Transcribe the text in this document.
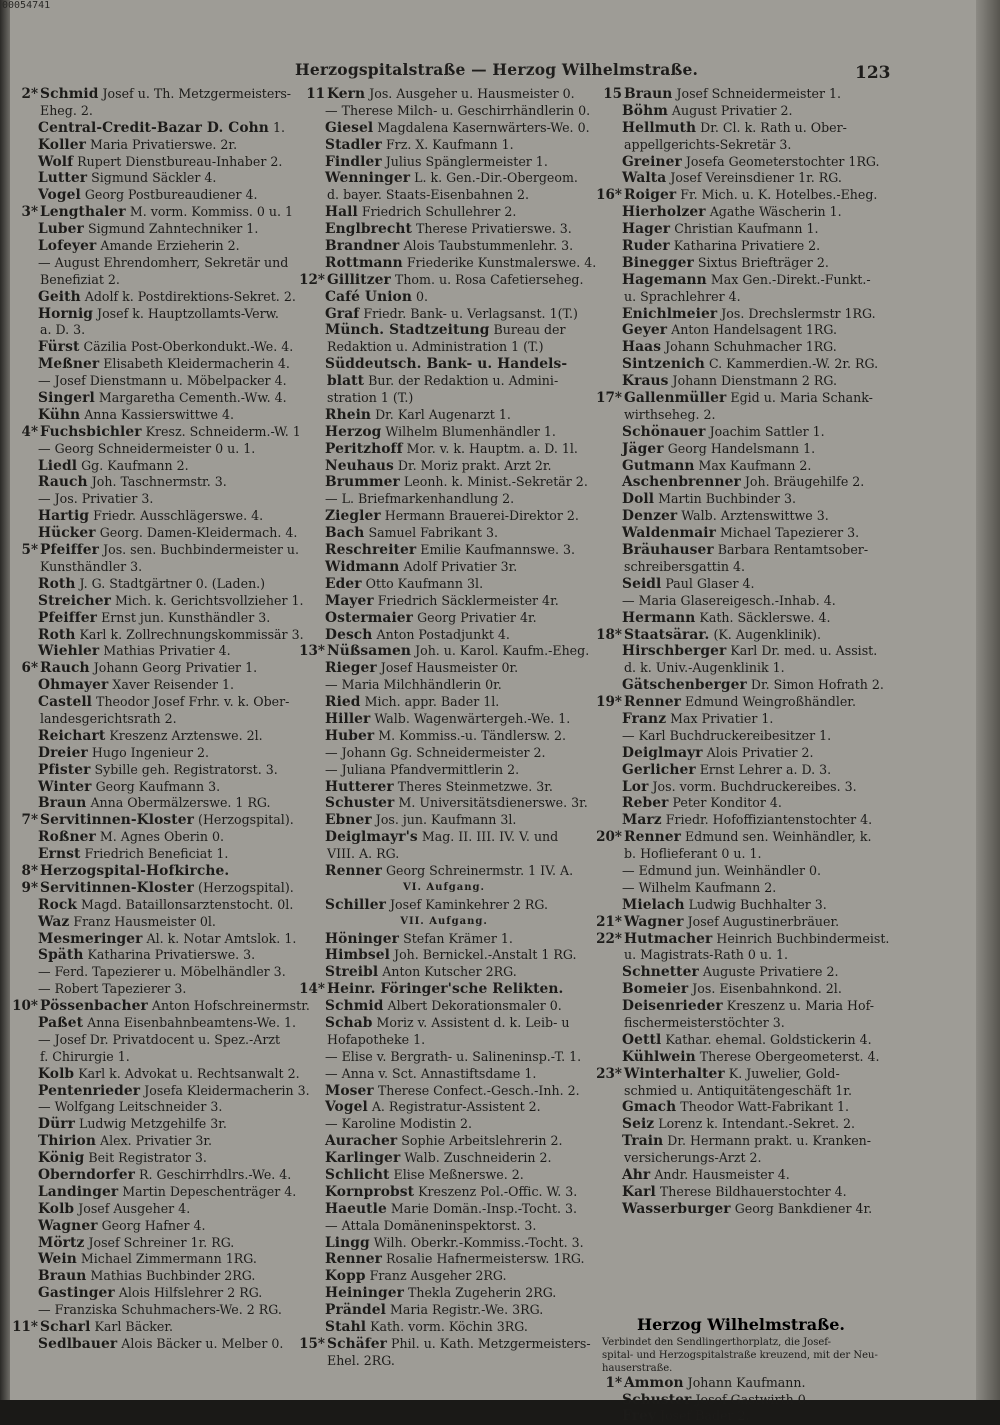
00054741
Herzogspitalstraße — Herzog Wilhelmstraße.	123
2* Schmid Josef u. Th. Metzgermeisters-
Eheg. 2.
Central-Credit-Bazar D. Cohn 1.
Koller Maria Privatierswe. 2r.
Wolf Rupert Dienstbureau-Inhaber 2.
Lutter Sigmund Säckler 4.
Vogel Georg Postbureaudiener 4.
3* Lengthaler M. vorm. Kommiss. 0 u. 1
Luber Sigmund Zahntechniker 1.
Lofeyer Amande Erzieherin 2.
— August Ehrendomherr, Sekretär und
Benefiziat 2.
Geith Adolf k. Postdirektions-Sekret. 2.
Hornig Josef k. Hauptzollamts-Verw.
a. D. 3.
Fürst Cäzilia Post-Oberkondukt.-We. 4.
Meßner Elisabeth Kleidermacherin 4.
— Josef Dienstmann u. Möbelpacker 4.
Singerl Margaretha Cementh.-Ww. 4.
Kühn Anna Kassierswittwe 4.
4* Fuchsbichler Kresz. Schneiderm.-W. 1
— Georg Schneidermeister 0 u. 1.
Liedl Gg. Kaufmann 2.
Rauch Joh. Taschnermstr. 3.
— Jos. Privatier 3.
Hartig Friedr. Ausschlägerswe. 4.
Hücker Georg. Damen-Kleidermach. 4.
5* Pfeiffer Jos. sen. Buchbindermeister u.
Kunsthändler 3.
Roth J. G. Stadtgärtner 0. (Laden.)
Streicher Mich. k. Gerichtsvollzieher 1.
Pfeiffer Ernst jun. Kunsthändler 3.
Roth Karl k. Zollrechnungskommissär 3.
Wiehler Mathias Privatier 4.
6* Rauch Johann Georg Privatier 1.
Ohmayer Xaver Reisender 1.
Castell Theodor Josef Frhr. v. k. Ober-
landesgerichtsrath 2.
Reichart Kreszenz Arztenswe. 2l.
Dreier Hugo Ingenieur 2.
Pfister Sybille geh. Registratorst. 3.
Winter Georg Kaufmann 3.
Braun Anna Obermälzerswe. 1 RG.
7* Servitinnen-Kloster (Herzogspital).
Roßner M. Agnes Oberin 0.
Ernst Friedrich Beneficiat 1.
8* Herzogspital-Hofkirche.
9* Servitinnen-Kloster (Herzogspital).
Rock Magd. Bataillonsarztenstocht. 0l.
Waz Franz Hausmeister 0l.
Mesmeringer Al. k. Notar Amtslok. 1.
Späth Katharina Privatierswe. 3.
— Ferd. Tapezierer u. Möbelhändler 3.
— Robert Tapezierer 3.
10* Pössenbacher Anton Hofschreinermstr.
Paßet Anna Eisenbahnbeamtens-We. 1.
— Josef Dr. Privatdocent u. Spez.-Arzt
f. Chirurgie 1.
Kolb Karl k. Advokat u. Rechtsanwalt 2.
Pentenrieder Josefa Kleidermacherin 3.
— Wolfgang Leitschneider 3.
Dürr Ludwig Metzgehilfe 3r.
Thirion Alex. Privatier 3r.
König Beit Registrator 3.
Oberndorfer R. Geschirrhdlrs.-We. 4.
Landinger Martin Depeschenträger 4.
Kolb Josef Ausgeher 4.
Wagner Georg Hafner 4.
Mörtz Josef Schreiner 1r. RG.
Wein Michael Zimmermann 1RG.
Braun Mathias Buchbinder 2RG.
Gastinger Alois Hilfslehrer 2 RG.
— Franziska Schuhmachers-We. 2 RG.
11* Scharl Karl Bäcker.
Sedlbauer Alois Bäcker u. Melber 0.
11 Kern Jos. Ausgeher u. Hausmeister 0.
— Therese Milch- u. Geschirrhändlerin 0.
Giesel Magdalena Kasernwärters-We. 0.
Stadler Frz. X. Kaufmann 1.
Findler Julius Spänglermeister 1.
Wenninger L. k. Gen.-Dir.-Obergeom.
d. bayer. Staats-Eisenbahnen 2.
Hall Friedrich Schullehrer 2.
Englbrecht Therese Privatierswe. 3.
Brandner Alois Taubstummenlehr. 3.
Rottmann Friederike Kunstmalerswe. 4.
12* Gillitzer Thom. u. Rosa Cafetierseheg.
Café Union 0.
Graf Friedr. Bank- u. Verlagsanst. 1(T.)
Münch. Stadtzeitung Bureau der
Redaktion u. Administration 1 (T.)
Süddeutsch. Bank- u. Handels-
blatt Bur. der Redaktion u. Admini-
stration 1 (T.)
Rhein Dr. Karl Augenarzt 1.
Herzog Wilhelm Blumenhändler 1.
Peritzhoff Mor. v. k. Hauptm. a. D. 1l.
Neuhaus Dr. Moriz prakt. Arzt 2r.
Brummer Leonh. k. Minist.-Sekretär 2.
— L. Briefmarkenhandlung 2.
Ziegler Hermann Brauerei-Direktor 2.
Bach Samuel Fabrikant 3.
Reschreiter Emilie Kaufmannswe. 3.
Widmann Adolf Privatier 3r.
Eder Otto Kaufmann 3l.
Mayer Friedrich Säcklermeister 4r.
Ostermaier Georg Privatier 4r.
Desch Anton Postadjunkt 4.
13* Nüßsamen Joh. u. Karol. Kaufm.-Eheg.
Rieger Josef Hausmeister 0r.
— Maria Milchhändlerin 0r.
Ried Mich. appr. Bader 1l.
Hiller Walb. Wagenwärtergeh.-We. 1.
Huber M. Kommiss.-u. Tändlersw. 2.
— Johann Gg. Schneidermeister 2.
— Juliana Pfandvermittlerin 2.
Hutterer Theres Steinmetzwe. 3r.
Schuster M. Universitätsdienerswe. 3r.
Ebner Jos. jun. Kaufmann 3l.
Deiglmayr's Mag. II. III. IV. V. und
VIII. A. RG.
Renner Georg Schreinermstr. 1 IV. A.
VI. Aufgang.
Schiller Josef Kaminkehrer 2 RG.
VII. Aufgang.
Höninger Stefan Krämer 1.
Himbsel Joh. Bernickel.-Anstalt 1 RG.
Streibl Anton Kutscher 2RG.
14* Heinr. Föringer'sche Relikten.
Schmid Albert Dekorationsmaler 0.
Schab Moriz v. Assistent d. k. Leib- u
Hofapotheke 1.
— Elise v. Bergrath- u. Salineninsp.-T. 1.
— Anna v. Sct. Annastiftsdame 1.
Moser Therese Confect.-Gesch.-Inh. 2.
Vogel A. Registratur-Assistent 2.
— Karoline Modistin 2.
Auracher Sophie Arbeitslehrerin 2.
Karlinger Walb. Zuschneiderin 2.
Schlicht Elise Meßnerswe. 2.
Kornprobst Kreszenz Pol.-Offic. W. 3.
Haeutle Marie Domän.-Insp.-Tocht. 3.
— Attala Domäneninspektorst. 3.
Lingg Wilh. Oberkr.-Kommiss.-Tocht. 3.
Renner Rosalie Hafnermeistersw. 1RG.
Kopp Franz Ausgeher 2RG.
Heininger Thekla Zugeherin 2RG.
Prändel Maria Registr.-We. 3RG.
Stahl Kath. vorm. Köchin 3RG.
15* Schäfer Phil. u. Kath. Metzgermeisters-
Ehel. 2RG.
15 Braun Josef Schneidermeister 1.
Böhm August Privatier 2.
Hellmuth Dr. Cl. k. Rath u. Ober-
appellgerichts-Sekretär 3.
Greiner Josefa Geometerstochter 1RG.
Walta Josef Vereinsdiener 1r. RG.
16* Roiger Fr. Mich. u. K. Hotelbes.-Eheg.
Hierholzer Agathe Wäscherin 1.
Hager Christian Kaufmann 1.
Ruder Katharina Privatiere 2.
Binegger Sixtus Briefträger 2.
Hagemann Max Gen.-Direkt.-Funkt.-
u. Sprachlehrer 4.
Enichlmeier Jos. Drechslermstr 1RG.
Geyer Anton Handelsagent 1RG.
Haas Johann Schuhmacher 1RG.
Sintzenich C. Kammerdien.-W. 2r. RG.
Kraus Johann Dienstmann 2 RG.
17* Gallenmüller Egid u. Maria Schank-
wirthseheg. 2.
Schönauer Joachim Sattler 1.
Jäger Georg Handelsmann 1.
Gutmann Max Kaufmann 2.
Aschenbrenner Joh. Bräugehilfe 2.
Doll Martin Buchbinder 3.
Denzer Walb. Arztenswittwe 3.
Waldenmair Michael Tapezierer 3.
Bräuhauser Barbara Rentamtsober-
schreibersgattin 4.
Seidl Paul Glaser 4.
— Maria Glasereigesch.-Inhab. 4.
Hermann Kath. Säcklerswe. 4.
18* Staatsärar. (K. Augenklinik).
Hirschberger Karl Dr. med. u. Assist.
d. k. Univ.-Augenklinik 1.
Gätschenberger Dr. Simon Hofrath 2.
19* Renner Edmund Weingroßhändler.
Franz Max Privatier 1.
— Karl Buchdruckereibesitzer 1.
Deiglmayr Alois Privatier 2.
Gerlicher Ernst Lehrer a. D. 3.
Lor Jos. vorm. Buchdruckereibes. 3.
Reber Peter Konditor 4.
Marz Friedr. Hofoffiziantenstochter 4.
20* Renner Edmund sen. Weinhändler, k.
b. Hoflieferant 0 u. 1.
— Edmund jun. Weinhändler 0.
— Wilhelm Kaufmann 2.
Mielach Ludwig Buchhalter 3.
21* Wagner Josef Augustinerbräuer.
22* Hutmacher Heinrich Buchbindermeist.
u. Magistrats-Rath 0 u. 1.
Schnetter Auguste Privatiere 2.
Bomeier Jos. Eisenbahnkond. 2l.
Deisenrieder Kreszenz u. Maria Hof-
fischermeisterstöchter 3.
Oettl Kathar. ehemal. Goldstickerin 4.
Kühlwein Therese Obergeometerst. 4.
23* Winterhalter K. Juwelier, Gold-
schmied u. Antiquitätengeschäft 1r.
Gmach Theodor Watt-Fabrikant 1.
Seiz Lorenz k. Intendant.-Sekret. 2.
Train Dr. Hermann prakt. u. Kranken-
versicherungs-Arzt 2.
Ahr Andr. Hausmeister 4.
Karl Therese Bildhauerstochter 4.
Wasserburger Georg Bankdiener 4r.
Herzog Wilhelmstraße.
Verbindet den Sendlingerthorplatz, die Josef-
spital- und Herzogspitalstraße kreuzend, mit der Neu-
hauserstraße.
1* Ammon Johann Kaufmann.
Schuster Josef Gastwirth 0.
Frey Josef Bader 2.
